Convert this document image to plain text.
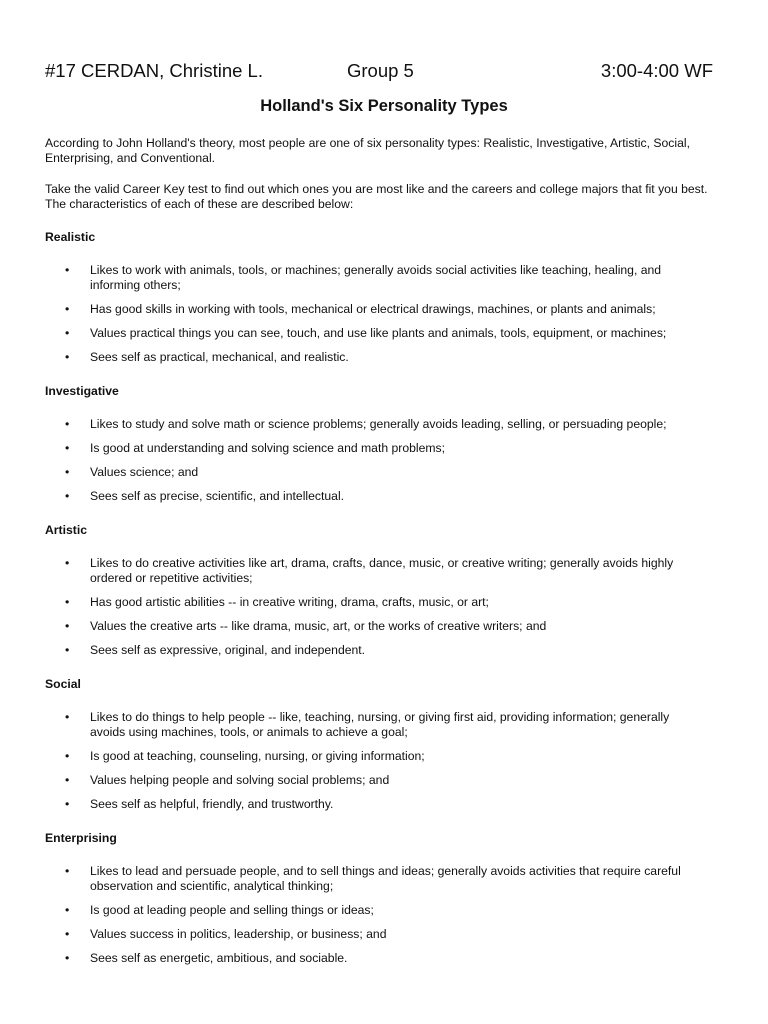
#17 CERDAN, Christine L.	Group 5	3:00-4:00 WF
Holland's Six Personality Types

According to John Holland's theory, most people are one of six personality types: Realistic, Investigative, Artistic, Social, Enterprising, and Conventional.

Take the valid Career Key test to find out which ones you are most like and the careers and college majors that fit you best. The characteristics of each of these are described below:

Realistic
• Likes to work with animals, tools, or machines; generally avoids social activities like teaching, healing, and informing others;
• Has good skills in working with tools, mechanical or electrical drawings, machines, or plants and animals;
• Values practical things you can see, touch, and use like plants and animals, tools, equipment, or machines;
• Sees self as practical, mechanical, and realistic.
Investigative
• Likes to study and solve math or science problems; generally avoids leading, selling, or persuading people;
• Is good at understanding and solving science and math problems;
• Values science; and
• Sees self as precise, scientific, and intellectual.
Artistic
• Likes to do creative activities like art, drama, crafts, dance, music, or creative writing; generally avoids highly ordered or repetitive activities;
• Has good artistic abilities -- in creative writing, drama, crafts, music, or art;
• Values the creative arts -- like drama, music, art, or the works of creative writers; and
• Sees self as expressive, original, and independent.
Social
• Likes to do things to help people -- like, teaching, nursing, or giving first aid, providing information; generally avoids using machines, tools, or animals to achieve a goal;
• Is good at teaching, counseling, nursing, or giving information;
• Values helping people and solving social problems; and
• Sees self as helpful, friendly, and trustworthy.
Enterprising
• Likes to lead and persuade people, and to sell things and ideas; generally avoids activities that require careful observation and scientific, analytical thinking;
• Is good at leading people and selling things or ideas;
• Values success in politics, leadership, or business; and
• Sees self as energetic, ambitious, and sociable.
